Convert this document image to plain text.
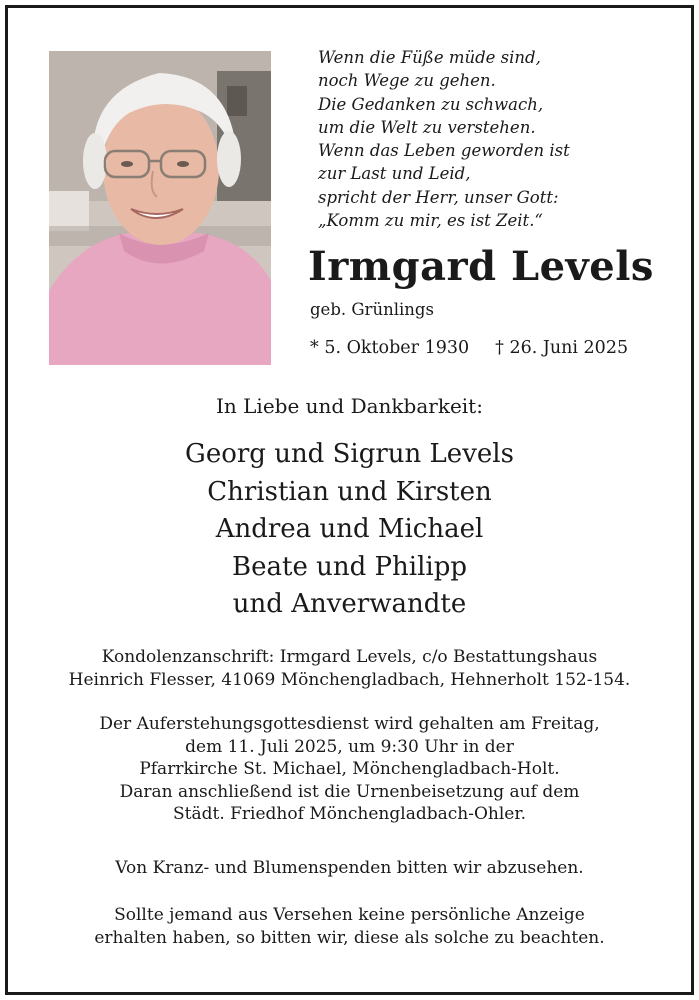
Wenn die Füße müde sind,
noch Wege zu gehen.
Die Gedanken zu schwach,
um die Welt zu verstehen.
Wenn das Leben geworden ist
zur Last und Leid,
spricht der Herr, unser Gott:
„Komm zu mir, es ist Zeit.“
Irmgard Levels
geb. Grünlings
* 5. Oktober 1930 † 26. Juni 2025
In Liebe und Dankbarkeit:
Georg und Sigrun Levels
Christian und Kirsten
Andrea und Michael
Beate und Philipp
und Anverwandte
Kondolenzanschrift: Irmgard Levels, c/o Bestattungshaus
Heinrich Flesser, 41069 Mönchengladbach, Hehnerholt 152-154.
Der Auferstehungsgottesdienst wird gehalten am Freitag,
dem 11. Juli 2025, um 9:30 Uhr in der
Pfarrkirche St. Michael, Mönchengladbach-Holt.
Daran anschließend ist die Urnenbeisetzung auf dem
Städt. Friedhof Mönchengladbach-Ohler.
Von Kranz- und Blumenspenden bitten wir abzusehen.
Sollte jemand aus Versehen keine persönliche Anzeige
erhalten haben, so bitten wir, diese als solche zu beachten.
